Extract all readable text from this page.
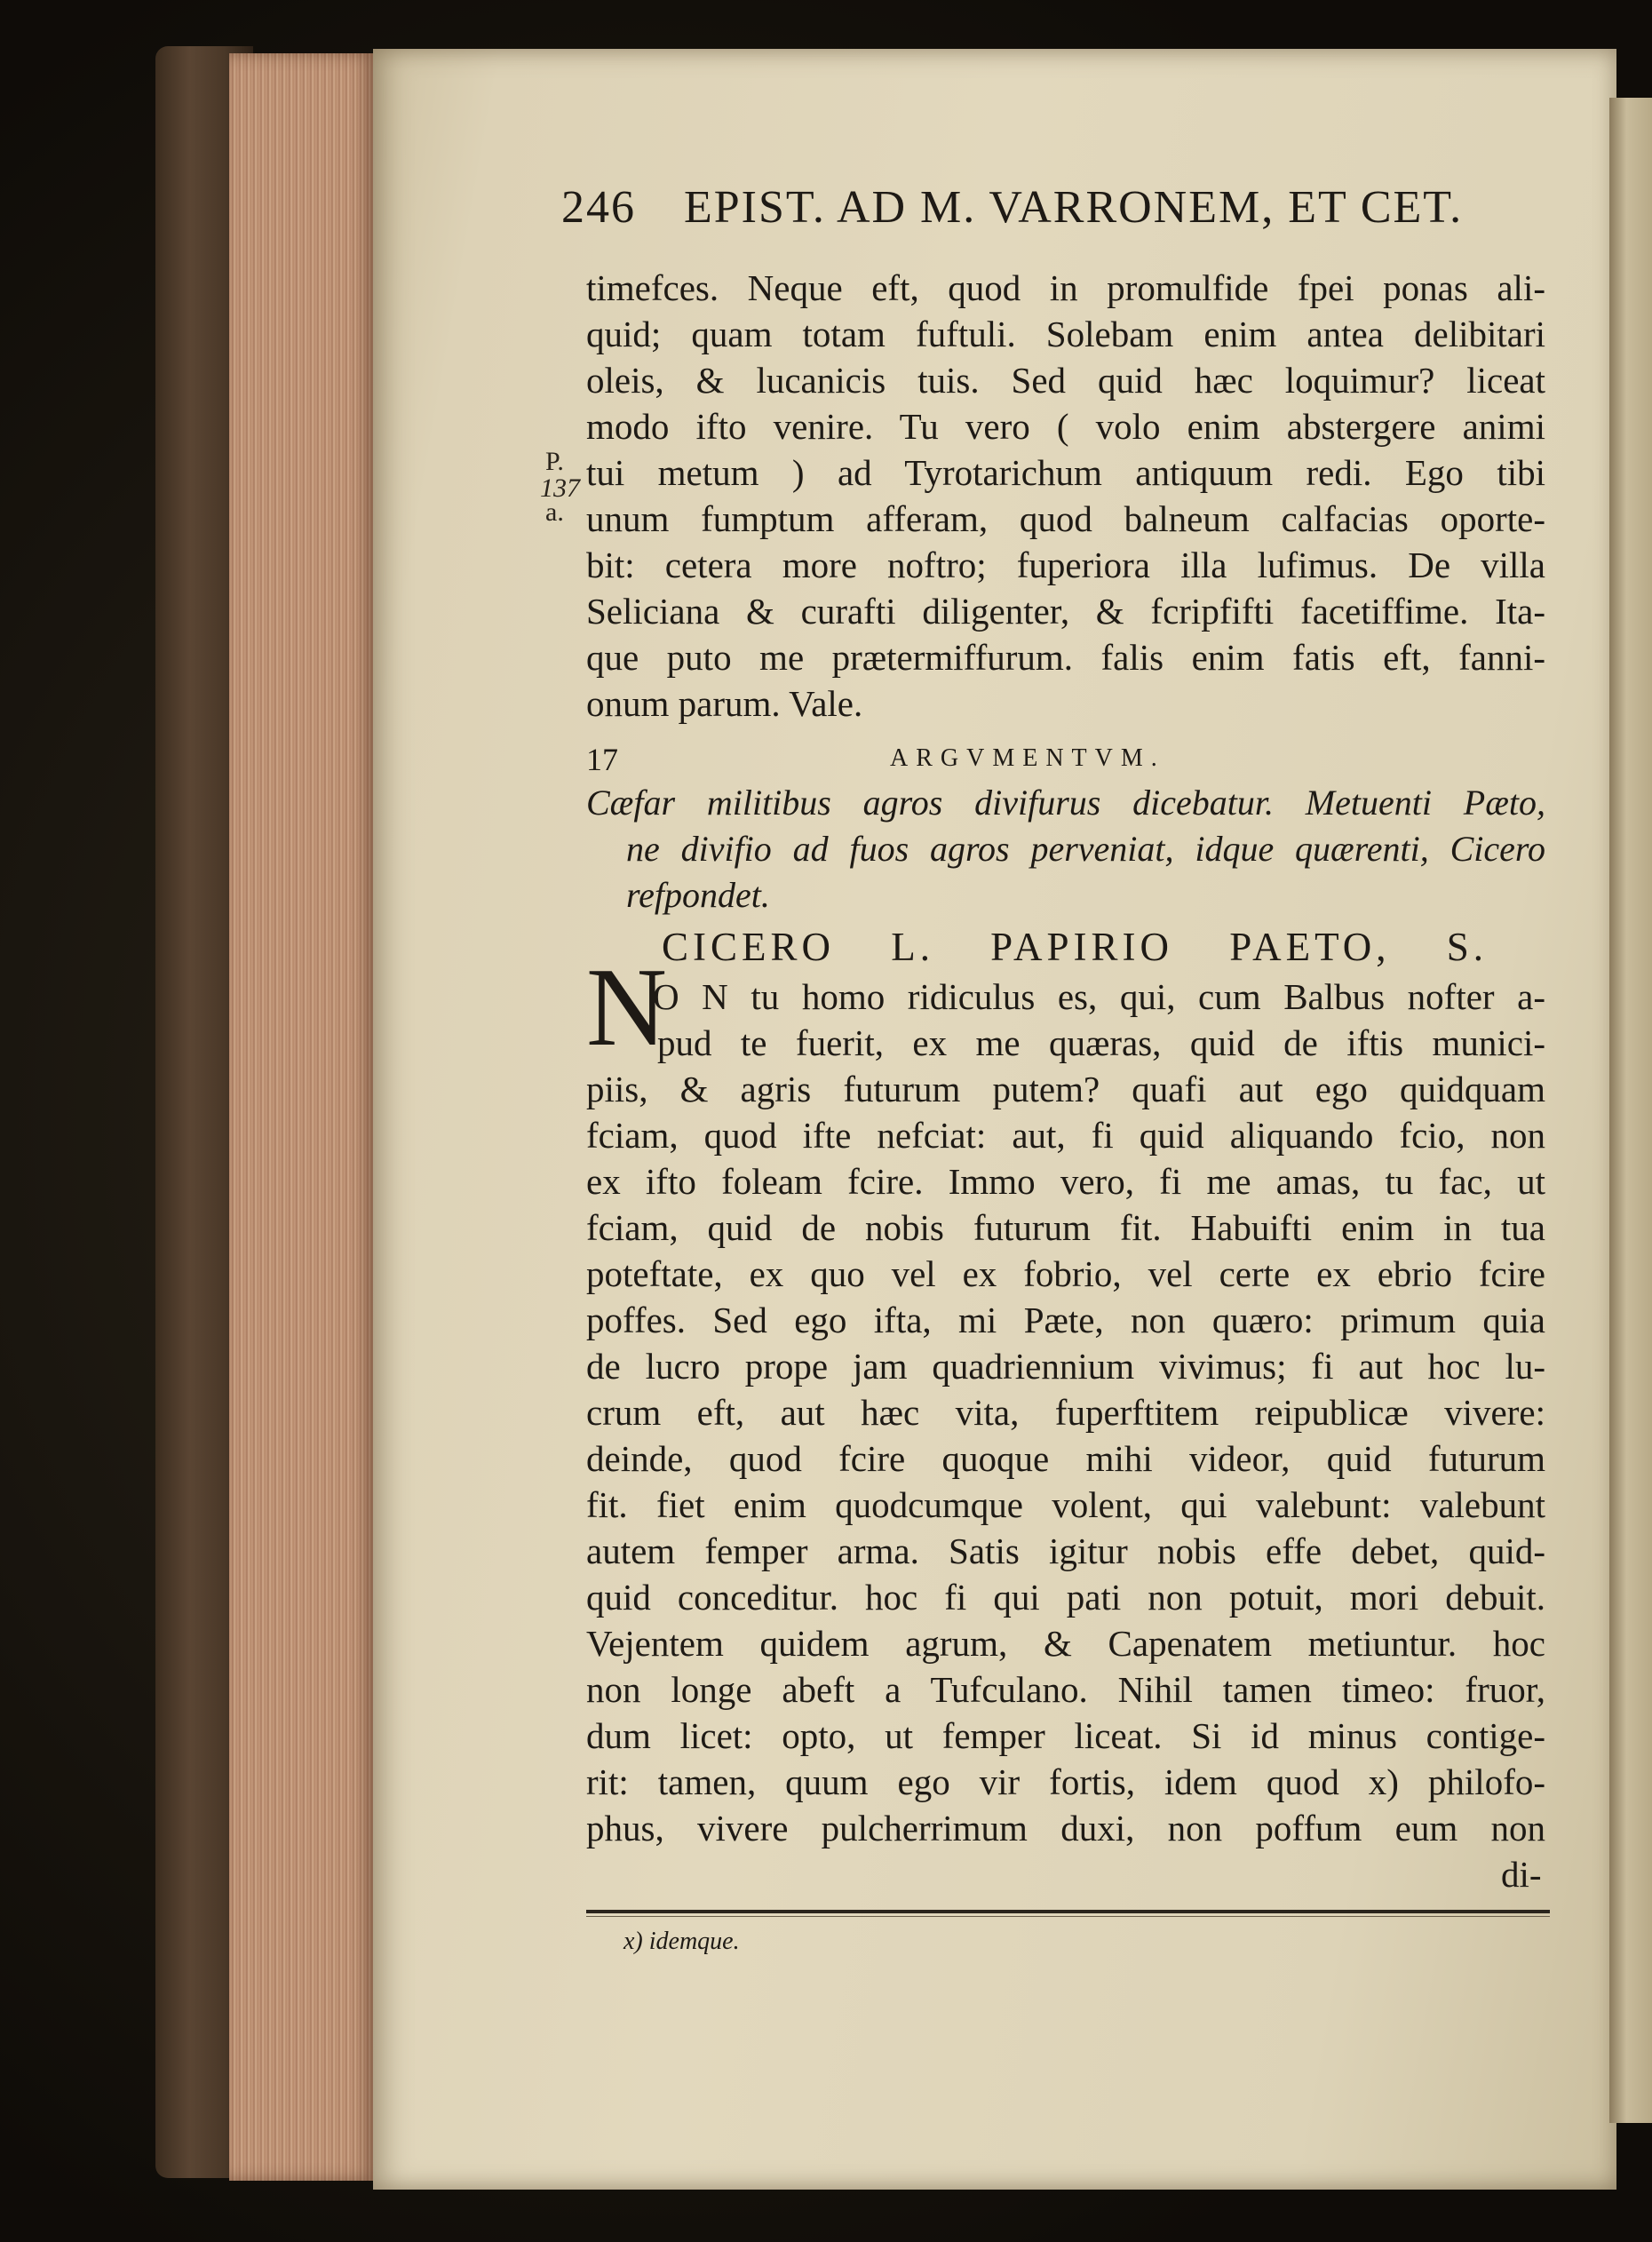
246 EPIST. AD M. VARRONEM, ET CET.
P.
137
a.
timefces. Neque eft, quod in promulfide fpei ponas ali-
quid; quam totam fuftuli. Solebam enim antea delibitari
oleis, & lucanicis tuis. Sed quid hæc loquimur? liceat
modo ifto venire. Tu vero ( volo enim abstergere animi
tui metum ) ad Tyrotarichum antiquum redi. Ego tibi
unum fumptum afferam, quod balneum calfacias oporte-
bit: cetera more noftro; fuperiora illa lufimus. De villa
Seliciana & curafti diligenter, & fcripfifti facetiffime. Ita-
que puto me prætermiffurum. falis enim fatis eft, fanni-
onum parum. Vale.
17	ARGVMENTVM.
Cæfar militibus agros divifurus dicebatur. Metuenti Pæto,
ne divifio ad fuos agros perveniat, idque quærenti, Cicero
refpondet.
CICERO L. PAPIRIO PAETO, S.
N
O N tu homo ridiculus es, qui, cum Balbus nofter a-
pud te fuerit, ex me quæras, quid de iftis munici-
piis, & agris futurum putem? quafi aut ego quidquam
fciam, quod ifte nefciat: aut, fi quid aliquando fcio, non
ex ifto foleam fcire. Immo vero, fi me amas, tu fac, ut
fciam, quid de nobis futurum fit. Habuifti enim in tua
poteftate, ex quo vel ex fobrio, vel certe ex ebrio fcire
poffes. Sed ego ifta, mi Pæte, non quæro: primum quia
de lucro prope jam quadriennium vivimus; fi aut hoc lu-
crum eft, aut hæc vita, fuperftitem reipublicæ vivere:
deinde, quod fcire quoque mihi videor, quid futurum
fit. fiet enim quodcumque volent, qui valebunt: valebunt
autem femper arma. Satis igitur nobis effe debet, quid-
quid conceditur. hoc fi qui pati non potuit, mori debuit.
Vejentem quidem agrum, & Capenatem metiuntur. hoc
non longe abeft a Tufculano. Nihil tamen timeo: fruor,
dum licet: opto, ut femper liceat. Si id minus contige-
rit: tamen, quum ego vir fortis, idem quod x) philofo-
phus, vivere pulcherrimum duxi, non poffum eum non
di-
x) idemque.
